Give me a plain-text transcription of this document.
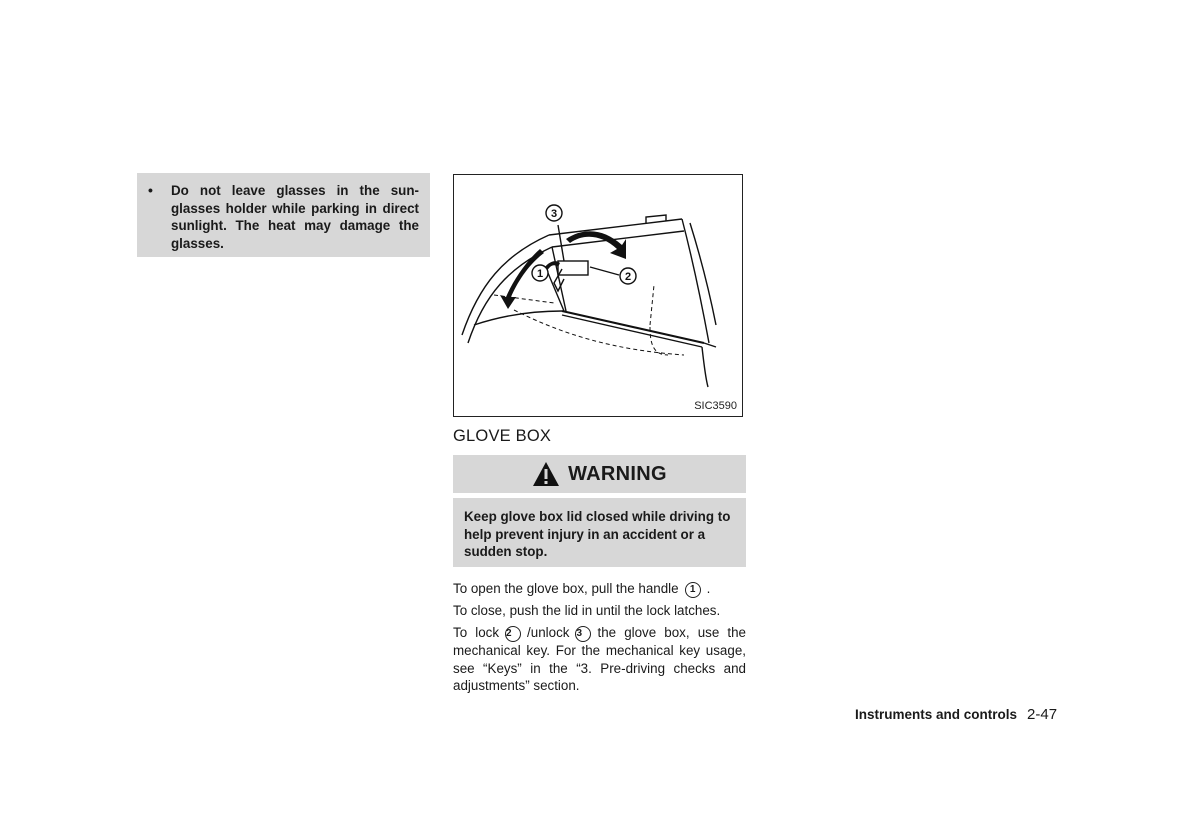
• Do not leave glasses in the sunglasses holder while parking in direct sunlight. The heat may damage the glasses.
3
1	2
SIC3590
GLOVE BOX
WARNING
Keep glove box lid closed while driving to help prevent injury in an accident or a sudden stop.
To open the glove box, pull the handle 1 .
To close, push the lid in until the lock latches.
To lock 2 /unlock 3 the glove box, use the mechanical key. For the mechanical key usage, see “Keys” in the “3. Pre-driving checks and adjustments” section.
Instruments and controls 2-47
